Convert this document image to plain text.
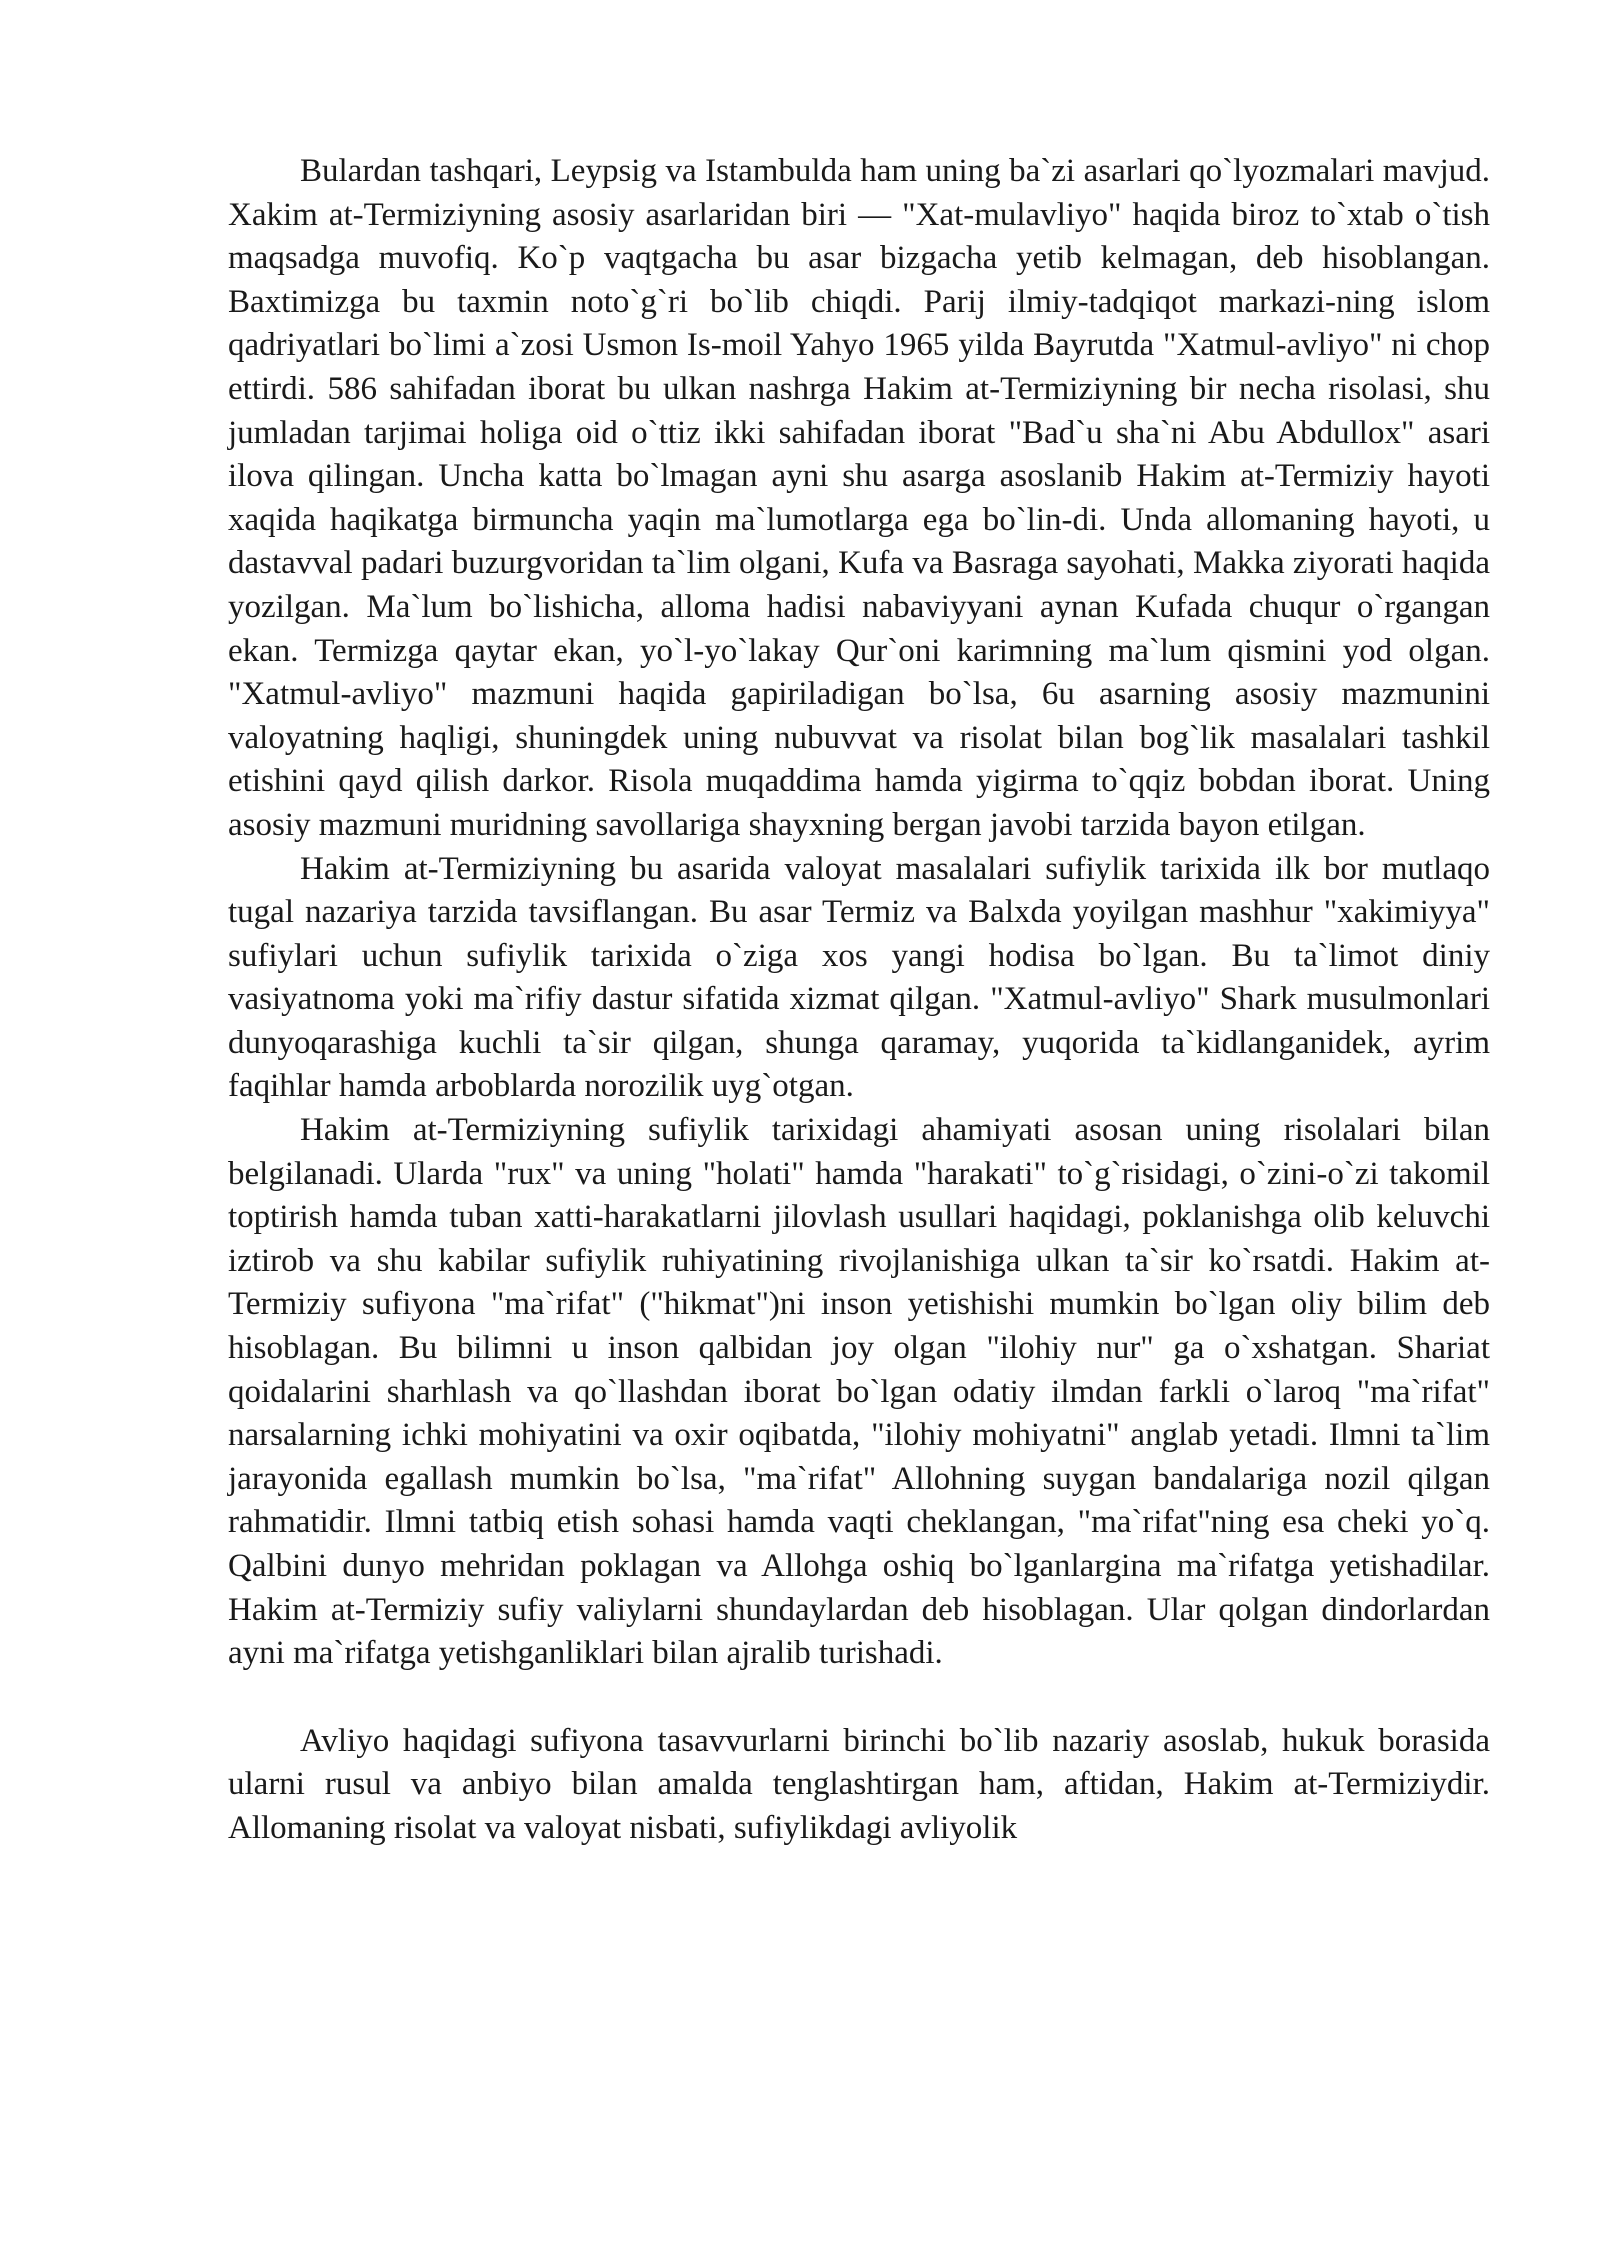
Bulardan tashqari, Leypsig va Istambulda ham uning ba`zi asarlari qo`lyozmalari mavjud. Xakim at-Termiziyning asosiy asarlaridan biri — "Xat-mulavliyo" haqida biroz to`xtab o`tish maqsadga muvofiq. Ko`p vaqtgacha bu asar bizgacha yetib kelmagan, deb hisoblangan. Baxtimizga bu taxmin noto`g`ri bo`lib chiqdi. Parij ilmiy-tadqiqot markazi-ning islom qadriyatlari bo`limi a`zosi Usmon Is-moil Yahyo 1965 yilda Bayrutda "Xatmul-avliyo" ni chop ettirdi. 586 sahifadan iborat bu ulkan nashrga Hakim at-Termiziyning bir necha risolasi, shu jumladan tarjimai holiga oid o`ttiz ikki sahifadan iborat "Bad`u sha`ni Abu Abdullox" asari ilova qilingan. Uncha katta bo`lmagan ayni shu asarga asoslanib Hakim at-Termiziy hayoti xaqida haqikatga birmuncha yaqin ma`lumotlarga ega bo`lin-di. Unda allomaning hayoti, u dastavval padari buzurgvoridan ta`lim olgani, Kufa va Basraga sayohati, Makka ziyorati haqida yozilgan. Ma`lum bo`lishicha, alloma hadisi nabaviyyani aynan Kufada chuqur o`rgangan ekan. Termizga qaytar ekan, yo`l-yo`lakay Qur`oni karimning ma`lum qismini yod olgan. "Xatmul-avliyo" mazmuni haqida gapiriladigan bo`lsa, 6u asarning asosiy mazmunini valoyatning haqligi, shuningdek uning nubuvvat va risolat bilan bog`lik masalalari tashkil etishini qayd qilish darkor. Risola muqaddima hamda yigirma to`qqiz bobdan iborat. Uning asosiy mazmuni muridning savollariga shayxning bergan javobi tarzida bayon etilgan.

Hakim at-Termiziyning bu asarida valoyat masalalari sufiylik tarixida ilk bor mutlaqo tugal nazariya tarzida tavsiflangan. Bu asar Termiz va Balxda yoyilgan mashhur "xakimiyya" sufiylari uchun sufiylik tarixida o`ziga xos yangi hodisa bo`lgan. Bu ta`limot diniy vasiyatnoma yoki ma`rifiy dastur sifatida xizmat qilgan. "Xatmul-avliyo" Shark musulmonlari dunyoqarashiga kuchli ta`sir qilgan, shunga qaramay, yuqorida ta`kidlanganidek, ayrim faqihlar hamda arboblarda norozilik uyg`otgan.

Hakim at-Termiziyning sufiylik tarixidagi ahamiyati asosan uning risolalari bilan belgilanadi. Ularda "rux" va uning "holati" hamda "harakati" to`g`risidagi, o`zini-o`zi takomil toptirish hamda tuban xatti-harakatlarni jilovlash usullari haqidagi, poklanishga olib keluvchi iztirob va shu kabilar sufiylik ruhiyatining rivojlanishiga ulkan ta`sir ko`rsatdi. Hakim at-Termiziy sufiyona "ma`rifat" ("hikmat")ni inson yetishishi mumkin bo`lgan oliy bilim deb hisoblagan. Bu bilimni u inson qalbidan joy olgan "ilohiy nur" ga o`xshatgan. Shariat qoidalarini sharhlash va qo`llashdan iborat bo`lgan odatiy ilmdan farkli o`laroq "ma`rifat" narsalarning ichki mohiyatini va oxir oqibatda, "ilohiy mohiyatni" anglab yetadi. Ilmni ta`lim jarayonida egallash mumkin bo`lsa, "ma`rifat" Allohning suygan bandalariga nozil qilgan rahmatidir. Ilmni tatbiq etish sohasi hamda vaqti cheklangan, "ma`rifat"ning esa cheki yo`q. Qalbini dunyo mehridan poklagan va Allohga oshiq bo`lganlargina ma`rifatga yetishadilar. Hakim at-Termiziy sufiy valiylarni shundaylardan deb hisoblagan. Ular qolgan dindorlardan ayni ma`rifatga yetishganliklari bilan ajralib turishadi.

Avliyo haqidagi sufiyona tasavvurlarni birinchi bo`lib nazariy asoslab, hukuk borasida ularni rusul va anbiyo bilan amalda tenglashtirgan ham, aftidan, Hakim at-Termiziydir. Allomaning risolat va valoyat nisbati, sufiylikdagi avliyolik
